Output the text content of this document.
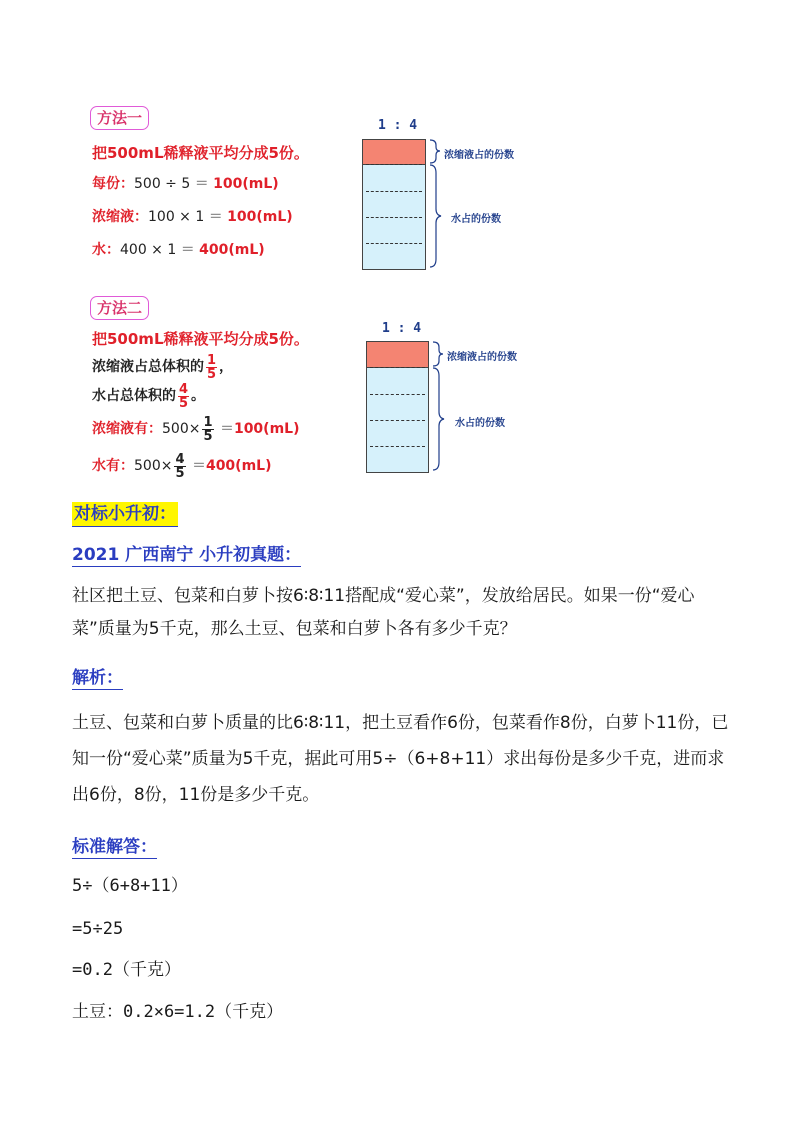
方法一
把500mL稀释液平均分成5份。
每份：500 ÷ 5 ＝ 100(mL)
浓缩液：100 × 1 ＝ 100(mL)
水：400 × 1 ＝ 400(mL)
1 : 4
浓缩液占的份数
水占的份数
方法二
把500mL稀释液平均分成5份。
浓缩液占总体积的 $\frac{1}{5}$ ，
水占总体积的 $\frac{4}{5}$ 。
浓缩液有：$500\times \frac{1}{5} =100(mL)$
水有：$500\times \frac{4}{5} =400(mL)$
1 : 4
浓缩液占的份数
水占的份数
对标小升初：
2021 广西南宁 小升初真题：
社区把土豆、包菜和白萝卜按6∶8∶11搭配成“爱心菜”，发放给居民。如果一份“爱心菜”质量为5千克，那么土豆、包菜和白萝卜各有多少千克？
解析：
土豆、包菜和白萝卜质量的比6∶8∶11，把土豆看作6份，包菜看作8份，白萝卜11份，已知一份“爱心菜”质量为5千克，据此可用5÷（6+8+11）求出每份是多少千克，进而求出6份，8份，11份是多少千克。
标准解答：
5÷（6+8+11）
=5÷25
=0.2（千克）
土豆：0.2×6=1.2（千克）
